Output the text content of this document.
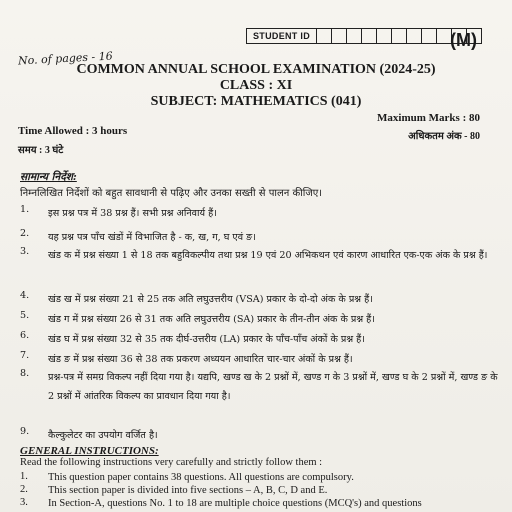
STUDENT ID	(M)
No. of pages - 16
COMMON ANNUAL SCHOOL EXAMINATION (2024-25)
CLASS : XI
SUBJECT: MATHEMATICS (041)
Time Allowed : 3 hours
समय : 3 घंटे
Maximum Marks : 80
अधिकतम अंक - 80
सामान्य निर्देश:
निम्नलिखित निर्देशों को बहुत सावधानी से पढ़िए और उनका सख्ती से पालन कीजिए।
1.	इस प्रश्न पत्र में 38 प्रश्न हैं। सभी प्रश्न अनिवार्य हैं।
2.	यह प्रश्न पत्र पाँच खंडों में विभाजित है - क, ख, ग, घ एवं ङ।
3.	खंड क में प्रश्न संख्या 1 से 18 तक बहुविकल्पीय तथा प्रश्न 19 एवं 20 अभिकथन एवं कारण आधारित एक-एक अंक के प्रश्न हैं।
4.	खंड ख में प्रश्न संख्या 21 से 25 तक अति लघुउत्तरीय (VSA) प्रकार के दो-दो अंक के प्रश्न हैं।
5.	खंड ग में प्रश्न संख्या 26 से 31 तक अति लघुउत्तरीय (SA) प्रकार के तीन-तीन अंक के प्रश्न हैं।
6.	खंड घ में प्रश्न संख्या 32 से 35 तक दीर्घ-उत्तरीय (LA) प्रकार के पाँच-पाँच अंकों के प्रश्न हैं।
7.	खंड ङ में प्रश्न संख्या 36 से 38 तक प्रकरण अध्ययन आधारित चार-चार अंकों के प्रश्न हैं।
8.	प्रश्न-पत्र में समग्र विकल्प नहीं दिया गया है। यद्यपि, खण्ड ख के 2 प्रश्नों में, खण्ड ग के 3 प्रश्नों में, खण्ड घ के 2 प्रश्नों में, खण्ड ङ के 2 प्रश्नों में आंतरिक विकल्प का प्रावधान दिया गया है।
9.	कैल्कुलेटर का उपयोग वर्जित है।
GENERAL INSTRUCTIONS:
Read the following instructions very carefully and strictly follow them :
1.	This question paper contains 38 questions. All questions are compulsory.
2.	This section paper is divided into five sections – A, B, C, D and E.
3.	In Section-A, questions No. 1 to 18 are multiple choice questions (MCQ's) and questions
